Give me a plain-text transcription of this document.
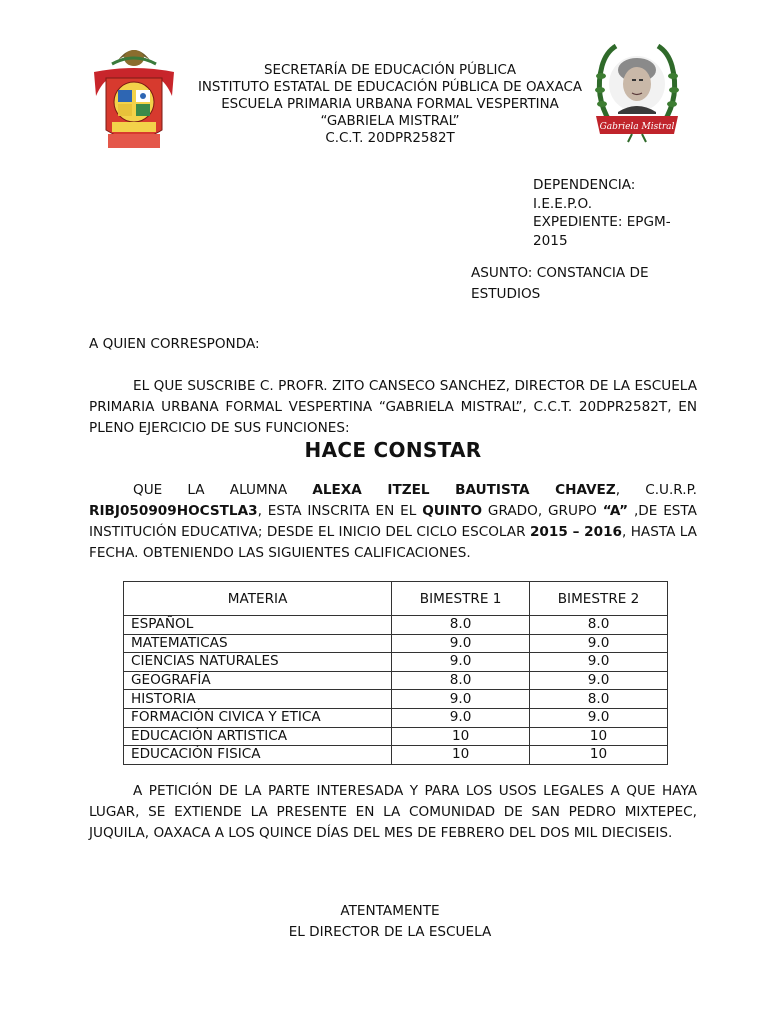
SECRETARÍA DE EDUCACIÓN PÚBLICA
INSTITUTO ESTATAL DE EDUCACIÓN PÚBLICA DE OAXACA
ESCUELA PRIMARIA URBANA FORMAL VESPERTINA
“GABRIELA MISTRAL”
C.C.T. 20DPR2582T
Gabriela Mistral
DEPENDENCIA:
I.E.E.P.O.
EXPEDIENTE: EPGM-
2015
ASUNTO: CONSTANCIA DE
ESTUDIOS
A QUIEN CORRESPONDA:
EL QUE SUSCRIBE C. PROFR. ZITO CANSECO SANCHEZ, DIRECTOR DE LA ESCUELA PRIMARIA URBANA FORMAL VESPERTINA “GABRIELA MISTRAL”, C.C.T. 20DPR2582T, EN PLENO EJERCICIO DE SUS FUNCIONES:
HACE CONSTAR
QUE LA ALUMNA ALEXA ITZEL BAUTISTA CHAVEZ, C.U.R.P. RIBJ050909HOCSTLA3, ESTA INSCRITA EN EL QUINTO GRADO, GRUPO “A” ,DE ESTA INSTITUCIÓN EDUCATIVA; DESDE EL INICIO DEL CICLO ESCOLAR 2015 – 2016, HASTA LA FECHA. OBTENIENDO LAS SIGUIENTES CALIFICACIONES.
MATERIA	BIMESTRE 1	BIMESTRE 2
ESPAÑOL	8.0	8.0
MATEMATICAS	9.0	9.0
CIENCIAS NATURALES	9.0	9.0
GEOGRAFÍA	8.0	9.0
HISTORIA	9.0	8.0
FORMACIÓN CIVICA Y ETICA	9.0	9.0
EDUCACIÓN ARTISTICA	10	10
EDUCACIÓN FISICA	10	10
A PETICIÓN DE LA PARTE INTERESADA Y PARA LOS USOS LEGALES A QUE HAYA LUGAR, SE EXTIENDE LA PRESENTE EN LA COMUNIDAD DE SAN PEDRO MIXTEPEC, JUQUILA, OAXACA A LOS QUINCE DÍAS DEL MES DE FEBRERO DEL DOS MIL DIECISEIS.
ATENTAMENTE
EL DIRECTOR DE LA ESCUELA
